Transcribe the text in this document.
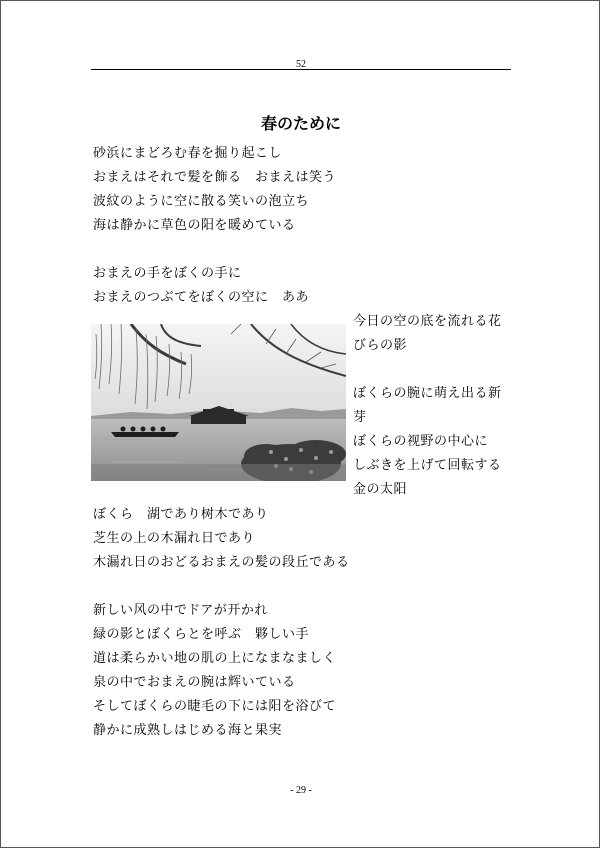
52
春のために
砂浜にまどろむ春を掘り起こし
おまえはそれで髪を飾る　おまえは笑う
波紋のように空に散る笑いの泡立ち
海は静かに草色の阳を暖めている
おまえの手をぼくの手に
おまえのつぶてをぼくの空に　ああ
今日の空の底を流れる花
びらの影
ぼくらの腕に萌え出る新
芽
ぼくらの视野の中心に
しぶきを上げて回転する
金の太阳
ぼくら　湖であり树木であり
芝生の上の木漏れ日であり
木漏れ日のおどるおまえの髪の段丘である
新しい风の中でドアが开かれ
緑の影とぼくらとを呼ぶ　夥しい手
道は柔らかい地の肌の上になまなましく
泉の中でおまえの腕は辉いている
そしてぼくらの睫毛の下には阳を浴びて
静かに成熟しはじめる海と果実
- 29 -
